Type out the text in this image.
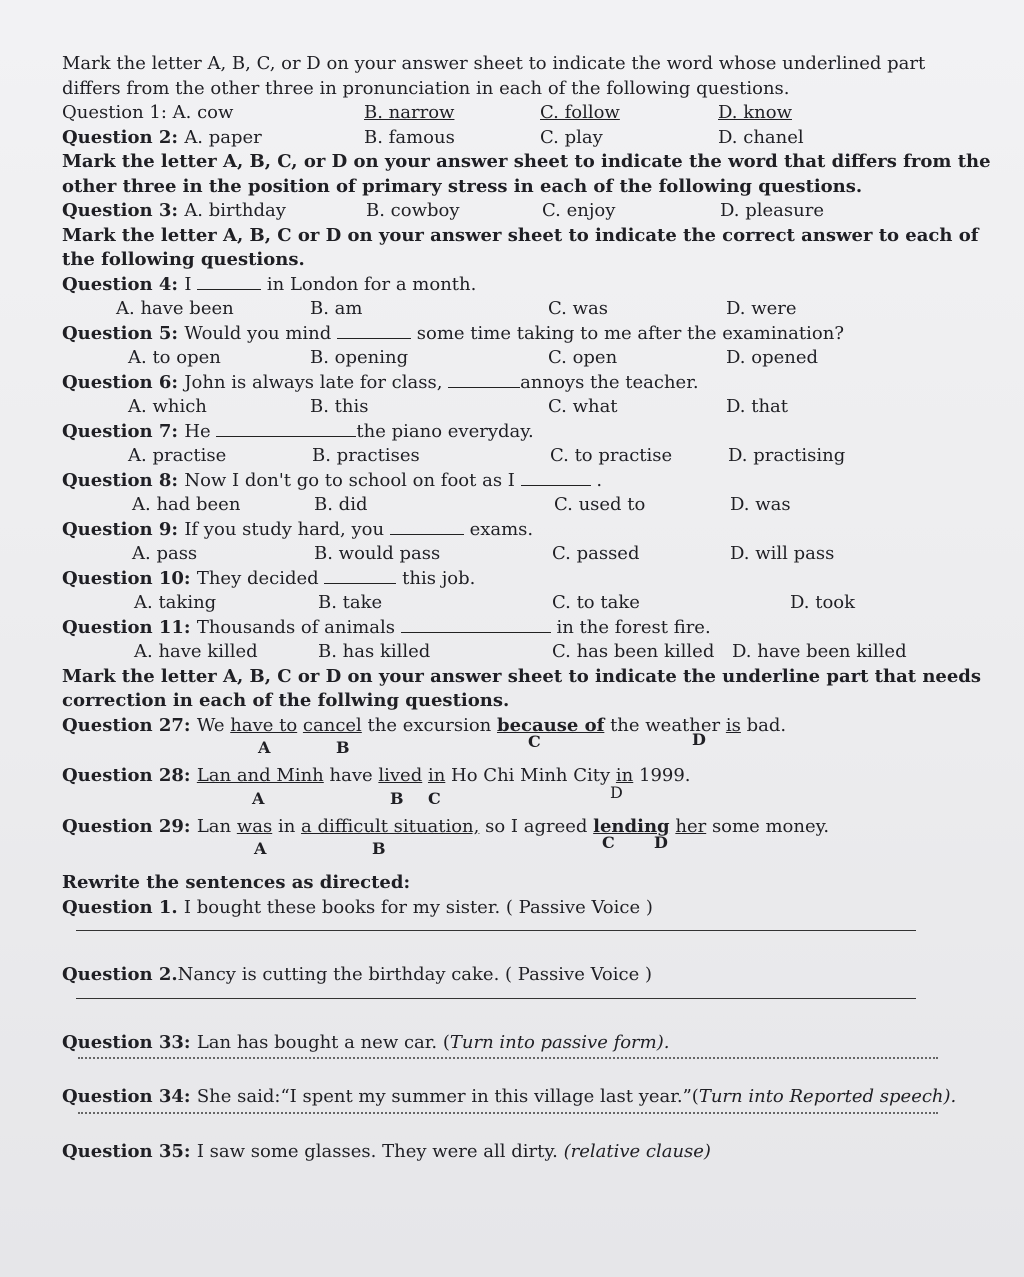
Mark the letter A, B, C, or D on your answer sheet to indicate the word whose underlined part
differs from the other three in pronunciation in each of the following questions.
Question 1: A. cow	B. narrow	C. follow	D. know
Question 2: A. paper	B. famous	C. play	D. chanel
Mark the letter A, B, C, or D on your answer sheet to indicate the word that differs from the
other three in the position of primary stress in each of the following questions.
Question 3: A. birthday	B. cowboy	C. enjoy	D. pleasure
Mark the letter A, B, C or D on your answer sheet to indicate the correct answer to each of
the following questions.
Question 4: I	in London for a month.
A. have been	B. am	C. was	D. were
Question 5: Would you mind	some time taking to me after the examination?
A. to open	B. opening	C. open	D. opened
Question 6: John is always late for class,	annoys the teacher.
A. which	B. this	C. what	D. that
Question 7: He	the piano everyday.
A. practise	B. practises	C. to practise	D. practising
Question 8: Now I don't go to school on foot as I	.
A. had been	B. did	C. used to	D. was
Question 9: If you study hard, you	exams.
A. pass	B. would pass	C. passed	D. will pass
Question 10: They decided	this job.
A. taking	B. take	C. to take	D. took
Question 11: Thousands of animals	in the forest fire.
A. have killed	B. has killed	C. has been killed D. have been killed
Mark the letter A, B, C or D on your answer sheet to indicate the underline part that needs
correction in each of the follwing questions.
Question 27: We have to cancel the excursion because of the weather is bad.
A	B	C	D
Question 28: Lan and Minh have lived in Ho Chi Minh City in 1999.
A	B C	D
Question 29: Lan was in a difficult situation, so I agreed lending her some money.
A	B	C D
Rewrite the sentences as directed:
Question 1. I bought these books for my sister. ( Passive Voice )
Question 2.Nancy is cutting the birthday cake. ( Passive Voice )
Question 33: Lan has bought a new car. (Turn into passive form).
Question 34: She said:“I spent my summer in this village last year.”(Turn into Reported speech).
Question 35: I saw some glasses. They were all dirty. (relative clause)
